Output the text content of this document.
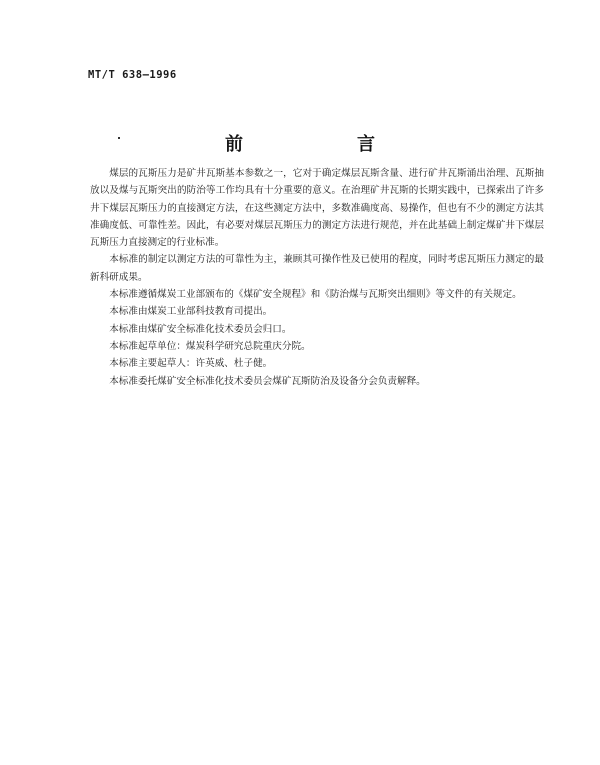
MT/T 638—1996
前　言

煤层的瓦斯压力是矿井瓦斯基本参数之一，它对于确定煤层瓦斯含量、进行矿井瓦斯涌出治理、瓦斯抽放以及煤与瓦斯突出的防治等工作均具有十分重要的意义。在治理矿井瓦斯的长期实践中，已探索出了许多井下煤层瓦斯压力的直接测定方法，在这些测定方法中，多数准确度高、易操作，但也有不少的测定方法其准确度低、可靠性差。因此，有必要对煤层瓦斯压力的测定方法进行规范，并在此基础上制定煤矿井下煤层瓦斯压力直接测定的行业标准。

本标准的制定以测定方法的可靠性为主，兼顾其可操作性及已使用的程度，同时考虑瓦斯压力测定的最新科研成果。

本标准遵循煤炭工业部颁布的《煤矿安全规程》和《防治煤与瓦斯突出细则》等文件的有关规定。

本标准由煤炭工业部科技教育司提出。

本标准由煤矿安全标准化技术委员会归口。

本标准起草单位：煤炭科学研究总院重庆分院。

本标准主要起草人：许英威、杜子健。

本标准委托煤矿安全标准化技术委员会煤矿瓦斯防治及设备分会负责解释。
